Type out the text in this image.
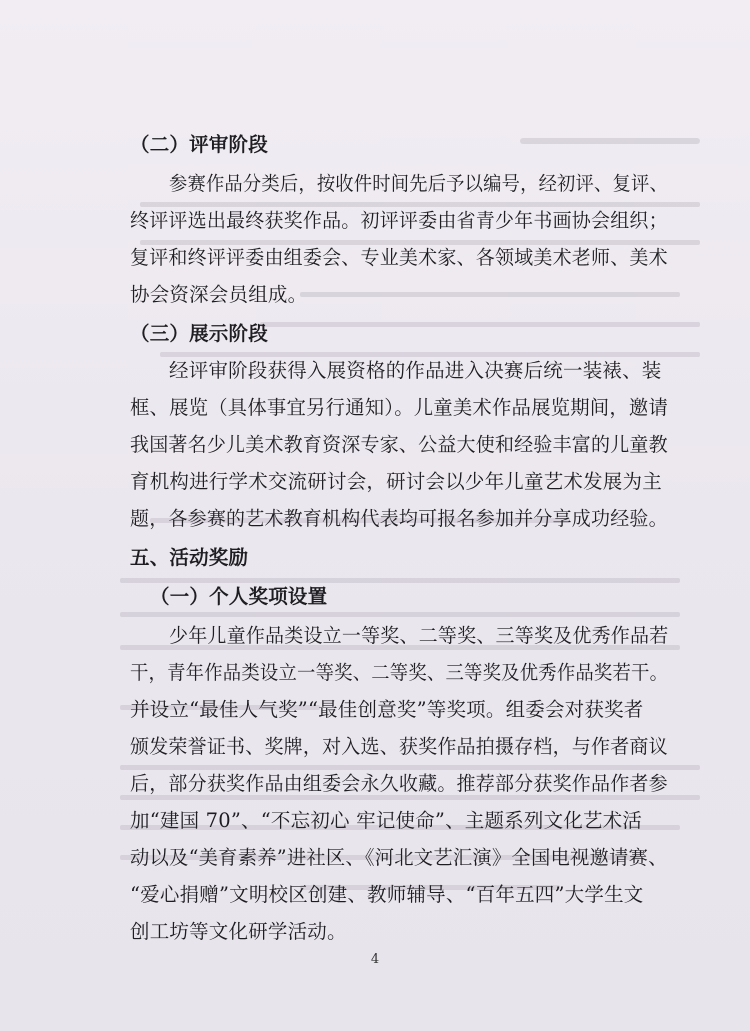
（二）评审阶段
参赛作品分类后，按收件时间先后予以编号，经初评、复评、
终评评选出最终获奖作品。初评评委由省青少年书画协会组织；
复评和终评评委由组委会、专业美术家、各领域美术老师、美术
协会资深会员组成。
（三）展示阶段
经评审阶段获得入展资格的作品进入决赛后统一装裱、装
框、展览（具体事宜另行通知）。儿童美术作品展览期间，邀请
我国著名少儿美术教育资深专家、公益大使和经验丰富的儿童教
育机构进行学术交流研讨会，研讨会以少年儿童艺术发展为主
题，各参赛的艺术教育机构代表均可报名参加并分享成功经验。
五、活动奖励
（一）个人奖项设置
少年儿童作品类设立一等奖、二等奖、三等奖及优秀作品若
干，青年作品类设立一等奖、二等奖、三等奖及优秀作品奖若干。
并设立“最佳人气奖”“最佳创意奖”等奖项。组委会对获奖者
颁发荣誉证书、奖牌，对入选、获奖作品拍摄存档，与作者商议
后，部分获奖作品由组委会永久收藏。推荐部分获奖作品作者参
加“建国 70”、“不忘初心 牢记使命”、主题系列文化艺术活
动以及“美育素养”进社区、《河北文艺汇演》全国电视邀请赛、
“爱心捐赠”文明校区创建、教师辅导、“百年五四”大学生文
创工坊等文化研学活动。
4
